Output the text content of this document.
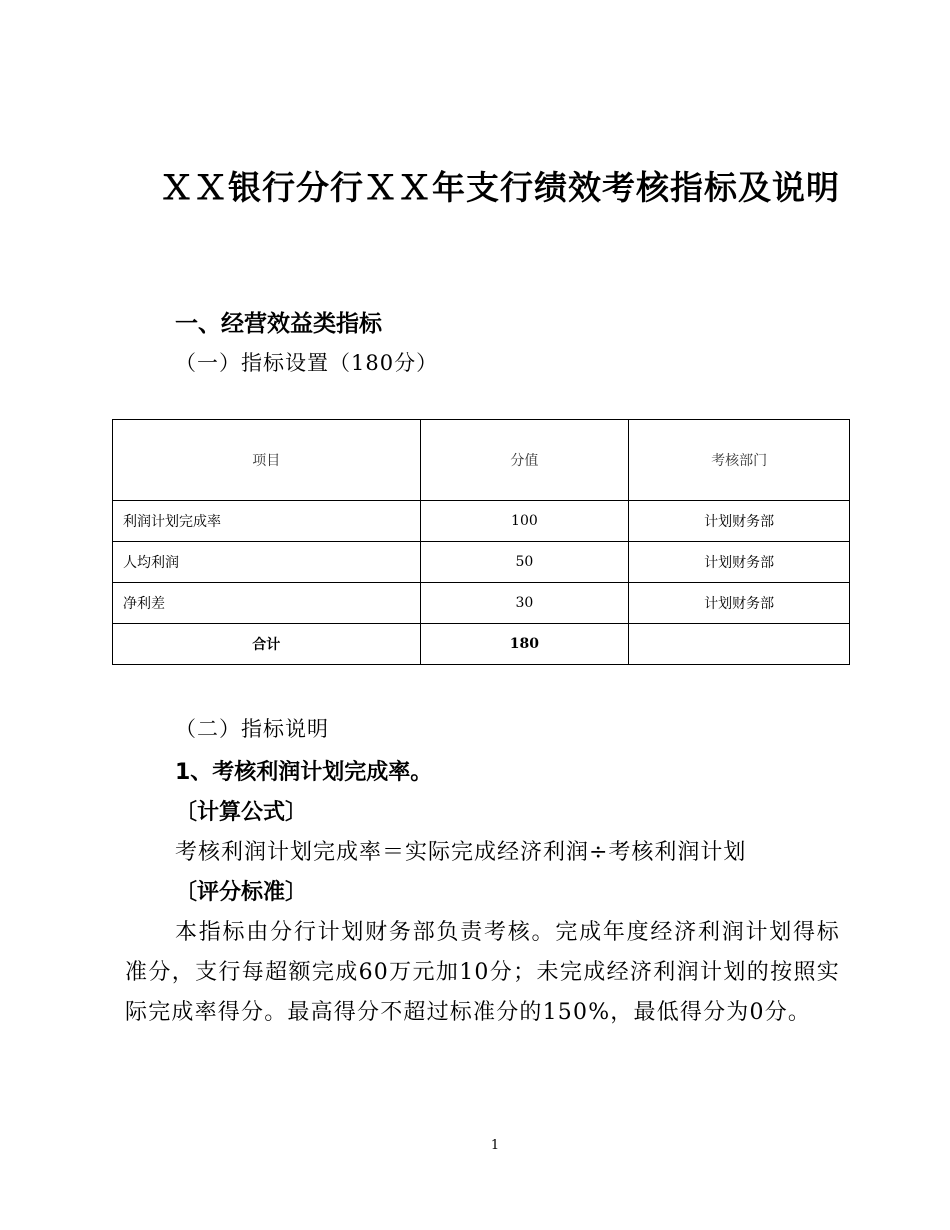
ＸＸ银行分行ＸＸ年支行绩效考核指标及说明
一、经营效益类指标
（一）指标设置（180分）
项目	分值	考核部门
利润计划完成率	100	计划财务部
人均利润	50	计划财务部
净利差	30	计划财务部
合计	180	
（二）指标说明
1、考核利润计划完成率。
〔计算公式〕
考核利润计划完成率＝实际完成经济利润÷考核利润计划
〔评分标准〕

本指标由分行计划财务部负责考核。完成年度经济利润计划得标准分，支行每超额完成60万元加10分；未完成经济利润计划的按照实际完成率得分。最高得分不超过标准分的150%，最低得分为0分。

1
